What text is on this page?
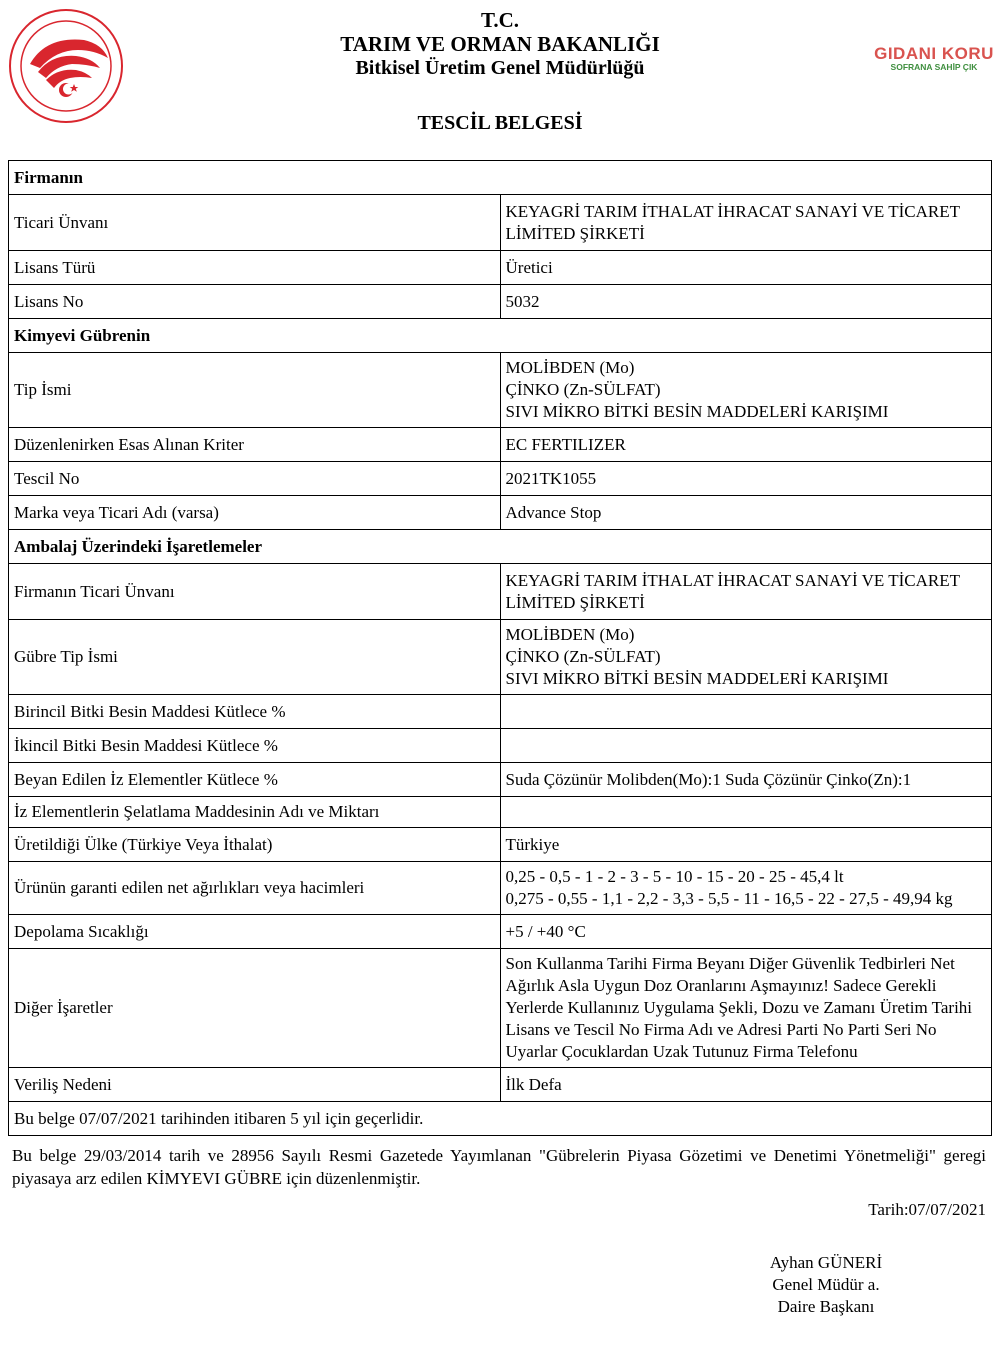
GIDANI KORU
SOFRANA SAHİP ÇIK
T.C.
TARIM VE ORMAN BAKANLIĞI
Bitkisel Üretim Genel Müdürlüğü
TESCİL BELGESİ
Firmanın	
Ticari Ünvanı	KEYAGRİ TARIM İTHALAT İHRACAT SANAYİ VE TİCARET LİMİTED ŞİRKETİ
Lisans Türü	Üretici
Lisans No	5032
Kimyevi Gübrenin	
Tip İsmi	MOLİBDEN (Mo)
ÇİNKO (Zn-SÜLFAT)
SIVI MİKRO BİTKİ BESİN MADDELERİ KARIŞIMI
Düzenlenirken Esas Alınan Kriter	EC FERTILIZER
Tescil No	2021TK1055
Marka veya Ticari Adı (varsa)	Advance Stop
Ambalaj Üzerindeki İşaretlemeler	
Firmanın Ticari Ünvanı	KEYAGRİ TARIM İTHALAT İHRACAT SANAYİ VE TİCARET LİMİTED ŞİRKETİ
Gübre Tip İsmi	MOLİBDEN (Mo)
ÇİNKO (Zn-SÜLFAT)
SIVI MİKRO BİTKİ BESİN MADDELERİ KARIŞIMI
Birincil Bitki Besin Maddesi Kütlece %	
İkincil Bitki Besin Maddesi Kütlece %	
Beyan Edilen İz Elementler Kütlece %	Suda Çözünür Molibden(Mo):1 Suda Çözünür Çinko(Zn):1
İz Elementlerin Şelatlama Maddesinin Adı ve Miktarı	
Üretildiği Ülke (Türkiye Veya İthalat)	Türkiye
Ürünün garanti edilen net ağırlıkları veya hacimleri	0,25 - 0,5 - 1 - 2 - 3 - 5 - 10 - 15 - 20 - 25 - 45,4 lt
0,275 - 0,55 - 1,1 - 2,2 - 3,3 - 5,5 - 11 - 16,5 - 22 - 27,5 - 49,94 kg
Depolama Sıcaklığı	+5 / +40 °C
Diğer İşaretler	Son Kullanma Tarihi Firma Beyanı Diğer Güvenlik Tedbirleri Net Ağırlık Asla Uygun Doz Oranlarını Aşmayınız! Sadece Gerekli Yerlerde Kullanınız Uygulama Şekli, Dozu ve Zamanı Üretim Tarihi Lisans ve Tescil No Firma Adı ve Adresi Parti No Parti Seri No Uyarlar Çocuklardan Uzak Tutunuz Firma Telefonu
Veriliş Nedeni	İlk Defa
Bu belge 07/07/2021 tarihinden itibaren 5 yıl için geçerlidir.	
Bu belge 29/03/2014 tarih ve 28956 Sayılı Resmi Gazetede Yayımlanan "Gübrelerin Piyasa Gözetimi ve Denetimi Yönetmeliği" geregi piyasaya arz edilen KİMYEVI GÜBRE için düzenlenmiştir.
Tarih:07/07/2021
Ayhan GÜNERİ
Genel Müdür a.
Daire Başkanı
